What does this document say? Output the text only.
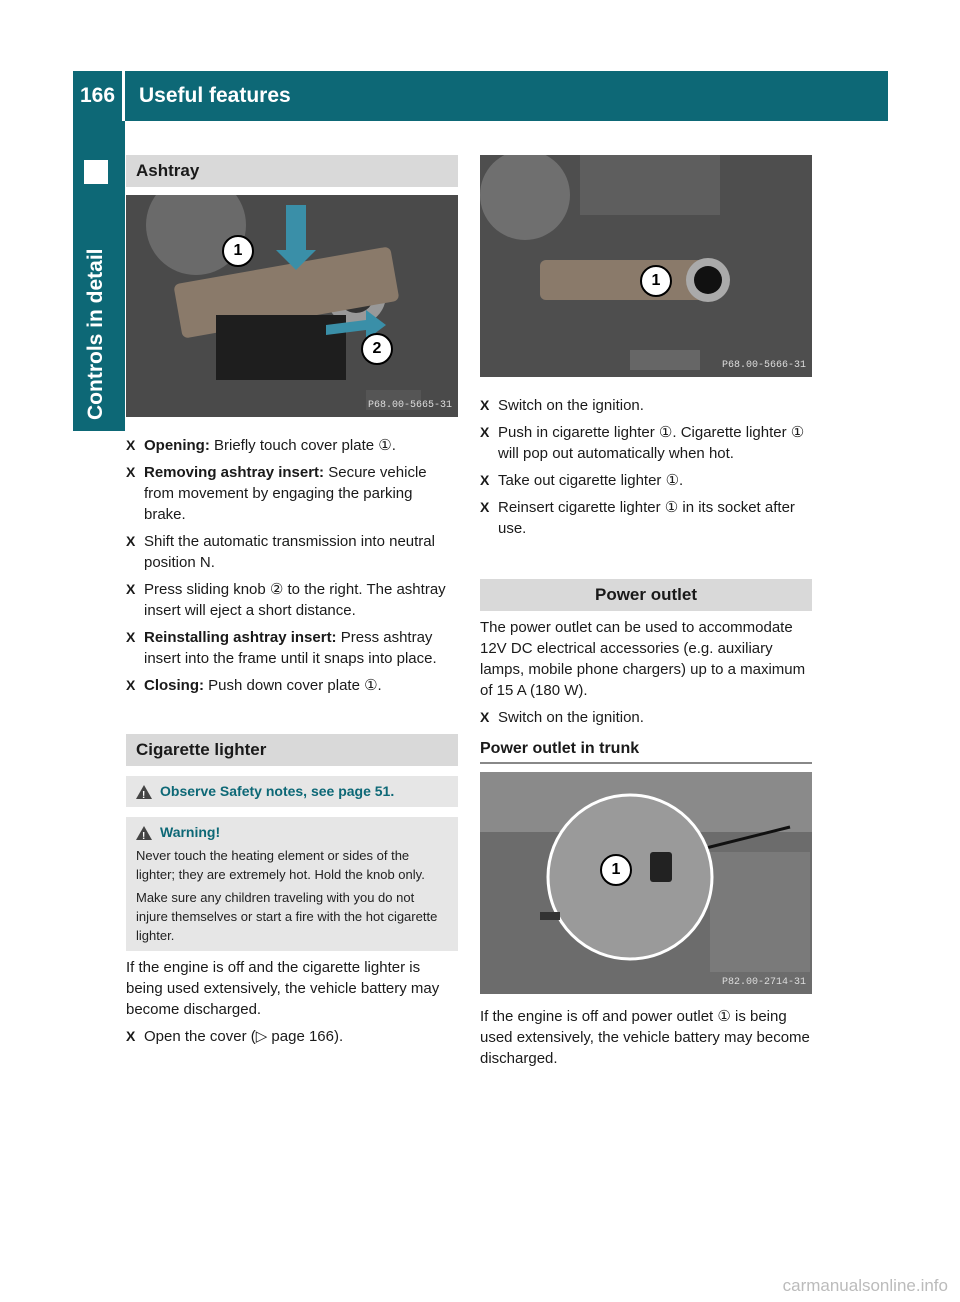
166	Useful features
Controls in detail
Ashtray
1
2
P68.00-5665-31
X Opening: Briefly touch cover plate ①.
X Removing ashtray insert: Secure vehicle from movement by engaging the parking brake.
X Shift the automatic transmission into neutral position N.
X Press sliding knob ② to the right. The ashtray insert will eject a short distance.
X Reinstalling ashtray insert: Press ashtray insert into the frame until it snaps into place.
X Closing: Push down cover plate ①.
Cigarette lighter
!
Observe Safety notes, see page 51.
!
Warning!
Never touch the heating element or sides of the lighter; they are extremely hot. Hold the knob only.
Make sure any children traveling with you do not injure themselves or start a fire with the hot cigarette lighter.

If the engine is off and the cigarette lighter is being used extensively, the vehicle battery may become discharged.

X Open the cover (▷ page 166).
1
P68.00-5666-31
X Switch on the ignition.
X Push in cigarette lighter ①. Cigarette lighter ① will pop out automatically when hot.
X Take out cigarette lighter ①.
X Reinsert cigarette lighter ① in its socket after use.
Power outlet

The power outlet can be used to accommodate 12V DC electrical accessories (e.g. auxiliary lamps, mobile phone chargers) up to a maximum of 15 A (180 W).

X Switch on the ignition.
Power outlet in trunk
1
P82.00-2714-31

If the engine is off and power outlet ① is being used extensively, the vehicle battery may become discharged.

carmanualsonline.info
